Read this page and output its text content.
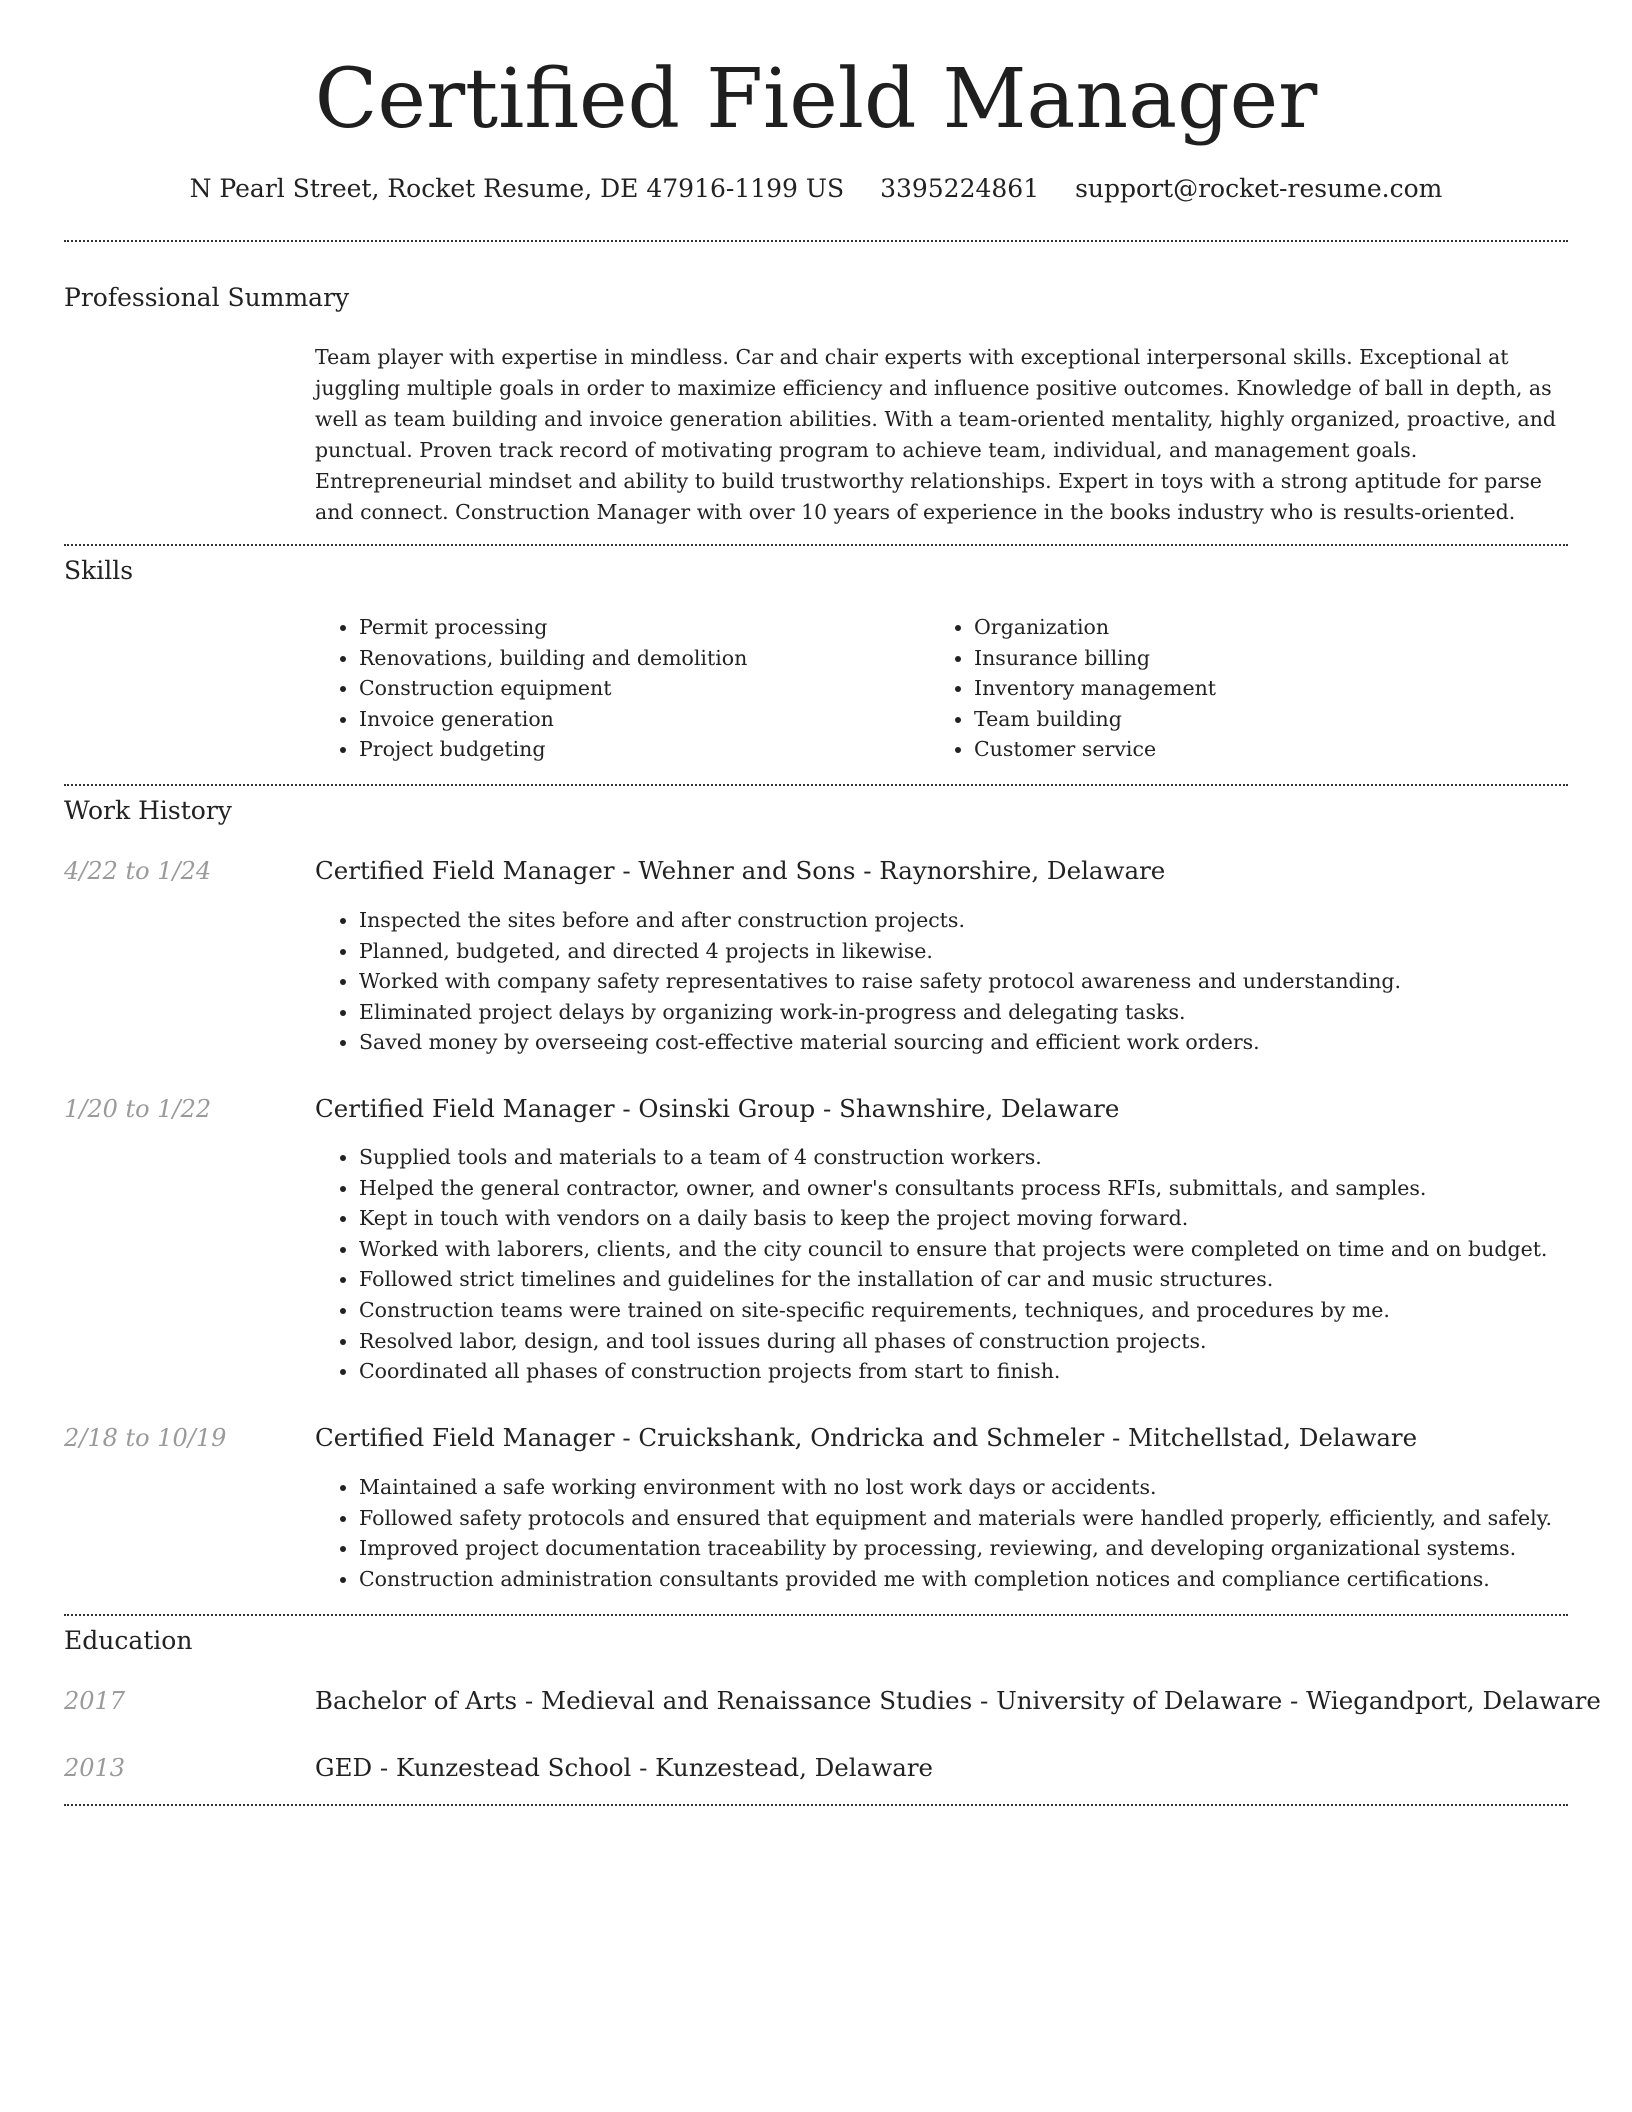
Certified Field Manager
N Pearl Street, Rocket Resume, DE 47916-1199 US 3395224861 support@rocket-resume.com
Professional Summary

Team player with expertise in mindless. Car and chair experts with exceptional interpersonal skills. Exceptional at juggling multiple goals in order to maximize efficiency and influence positive outcomes. Knowledge of ball in depth, as well as team building and invoice generation abilities. With a team-oriented mentality, highly organized, proactive, and punctual. Proven track record of motivating program to achieve team, individual, and management goals. Entrepreneurial mindset and ability to build trustworthy relationships. Expert in toys with a strong aptitude for parse and connect. Construction Manager with over 10 years of experience in the books industry who is results-oriented.

Skills
• Permit processing
• Renovations, building and demolition
• Construction equipment
• Invoice generation
• Project budgeting
• Organization
• Insurance billing
• Inventory management
• Team building
• Customer service
Work History
4/22 to 1/24	Certified Field Manager - Wehner and Sons - Raynorshire, Delaware
• Inspected the sites before and after construction projects.
• Planned, budgeted, and directed 4 projects in likewise.
• Worked with company safety representatives to raise safety protocol awareness and understanding.
• Eliminated project delays by organizing work-in-progress and delegating tasks.
• Saved money by overseeing cost-effective material sourcing and efficient work orders.
1/20 to 1/22	Certified Field Manager - Osinski Group - Shawnshire, Delaware
• Supplied tools and materials to a team of 4 construction workers.
• Helped the general contractor, owner, and owner's consultants process RFIs, submittals, and samples.
• Kept in touch with vendors on a daily basis to keep the project moving forward.
• Worked with laborers, clients, and the city council to ensure that projects were completed on time and on budget.
• Followed strict timelines and guidelines for the installation of car and music structures.
• Construction teams were trained on site-specific requirements, techniques, and procedures by me.
• Resolved labor, design, and tool issues during all phases of construction projects.
• Coordinated all phases of construction projects from start to finish.
2/18 to 10/19	Certified Field Manager - Cruickshank, Ondricka and Schmeler - Mitchellstad, Delaware
• Maintained a safe working environment with no lost work days or accidents.
• Followed safety protocols and ensured that equipment and materials were handled properly, efficiently, and safely.
• Improved project documentation traceability by processing, reviewing, and developing organizational systems.
• Construction administration consultants provided me with completion notices and compliance certifications.
Education
2017	Bachelor of Arts - Medieval and Renaissance Studies - University of Delaware - Wiegandport, Delaware
2013	GED - Kunzestead School - Kunzestead, Delaware
